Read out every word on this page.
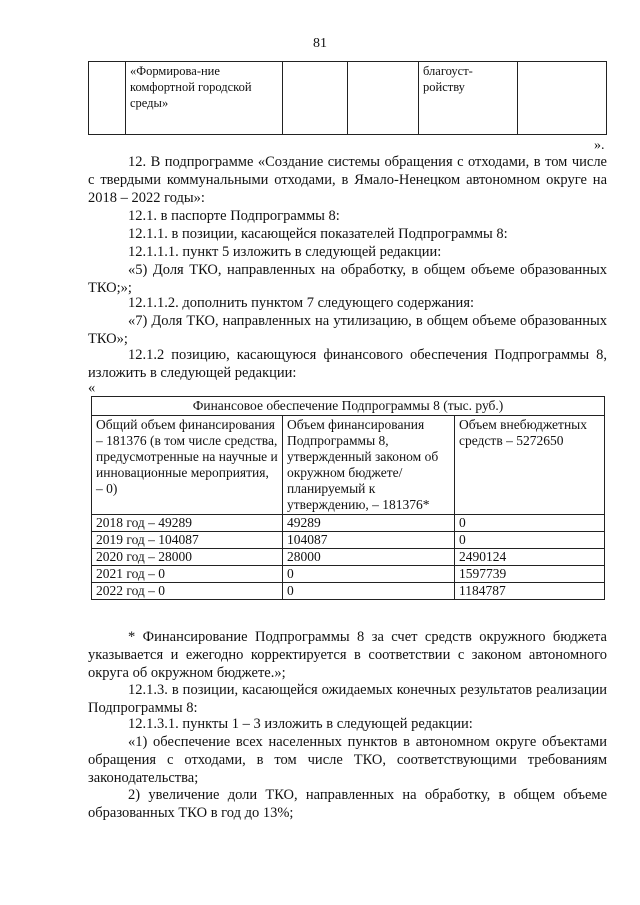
81
	«Формирова-ние комфортной городской среды»			благоуст-ройству	
».

12. В подпрограмме «Создание системы обращения с отходами, в том числе с твердыми коммунальными отходами, в Ямало-Ненецком автономном округе на 2018 – 2022 годы»:

12.1. в паспорте Подпрограммы 8:

12.1.1. в позиции, касающейся показателей Подпрограммы 8:

12.1.1.1. пункт 5 изложить в следующей редакции:

«5) Доля ТКО, направленных на обработку, в общем объеме образованных ТКО;»;

12.1.1.2. дополнить пунктом 7 следующего содержания:

«7) Доля ТКО, направленных на утилизацию, в общем объеме образованных ТКО»;

12.1.2 позицию, касающуюся финансового обеспечения Подпрограммы 8, изложить в следующей редакции:

«

Финансовое обеспечение Подпрограммы 8 (тыс. руб.)		
Общий объем финансирования – 181376 (в том числе средства, предусмотренные на научные и инновационные мероприятия, – 0)	Объем финансирования Подпрограммы 8, утвержденный законом об окружном бюджете/ планируемый к утверждению, – 181376*	Объем внебюджетных средств – 5272650
2018 год – 49289	49289	0
2019 год – 104087	104087	0
2020 год – 28000	28000	2490124
2021 год – 0	0	1597739
2022 год – 0	0	1184787

* Финансирование Подпрограммы 8 за счет средств окружного бюджета указывается и ежегодно корректируется в соответствии с законом автономного округа об окружном бюджете.»;

12.1.3. в позиции, касающейся ожидаемых конечных результатов реализации Подпрограммы 8:

12.1.3.1. пункты 1 – 3 изложить в следующей редакции:

«1) обеспечение всех населенных пунктов в автономном округе объектами обращения с отходами, в том числе ТКО, соответствующими требованиям законодательства;

2) увеличение доли ТКО, направленных на обработку, в общем объеме образованных ТКО в год до 13%;
